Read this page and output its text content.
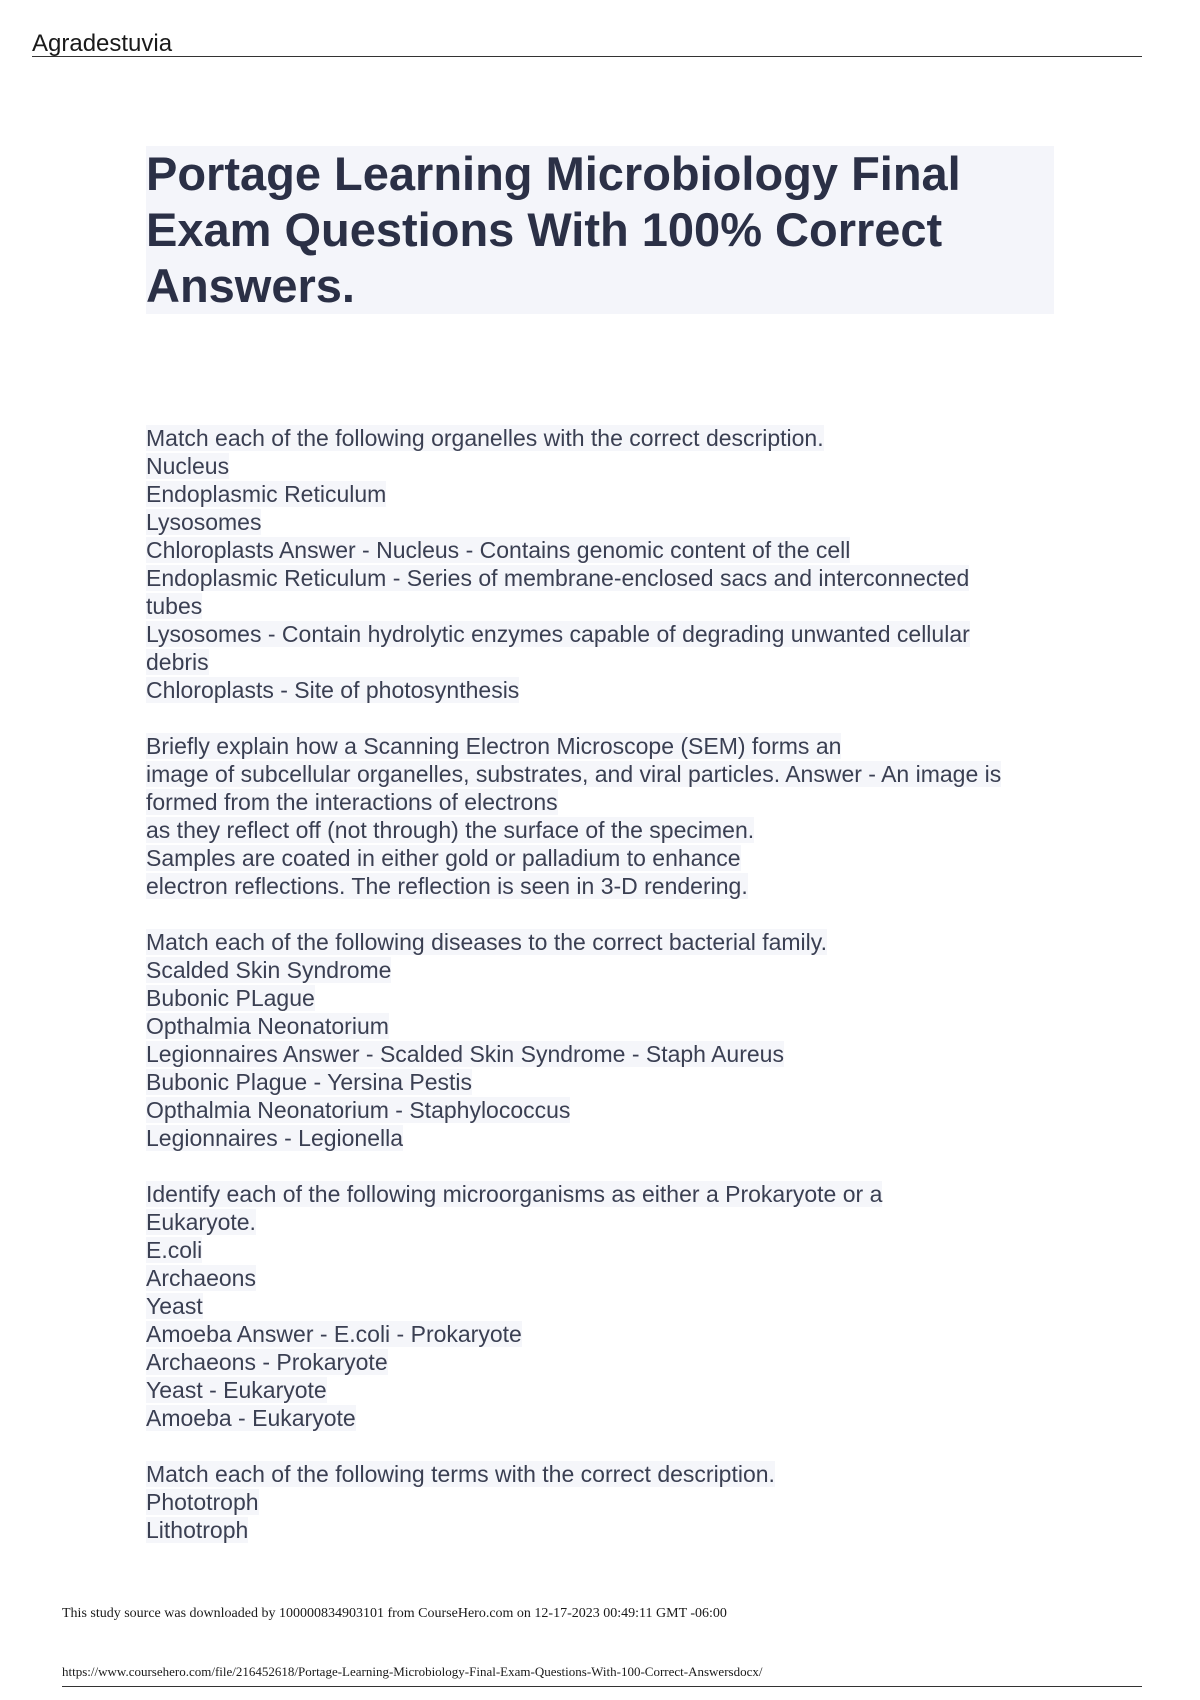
Agradestuvia
Portage Learning Microbiology Final Exam Questions With 100% Correct Answers.
Match each of the following organelles with the correct description.
Nucleus
Endoplasmic Reticulum
Lysosomes
Chloroplasts Answer - Nucleus - Contains genomic content of the cell
Endoplasmic Reticulum - Series of membrane-enclosed sacs and interconnected
tubes
Lysosomes - Contain hydrolytic enzymes capable of degrading unwanted cellular
debris
Chloroplasts - Site of photosynthesis
Briefly explain how a Scanning Electron Microscope (SEM) forms an
image of subcellular organelles, substrates, and viral particles. Answer - An image is
formed from the interactions of electrons
as they reflect off (not through) the surface of the specimen.
Samples are coated in either gold or palladium to enhance
electron reflections. The reflection is seen in 3-D rendering.
Match each of the following diseases to the correct bacterial family.
Scalded Skin Syndrome
Bubonic PLague
Opthalmia Neonatorium
Legionnaires Answer - Scalded Skin Syndrome - Staph Aureus
Bubonic Plague - Yersina Pestis
Opthalmia Neonatorium - Staphylococcus
Legionnaires - Legionella
Identify each of the following microorganisms as either a Prokaryote or a
Eukaryote.
E.coli
Archaeons
Yeast
Amoeba Answer - E.coli - Prokaryote
Archaeons - Prokaryote
Yeast - Eukaryote
Amoeba - Eukaryote
Match each of the following terms with the correct description.
Phototroph
Lithotroph
This study source was downloaded by 100000834903101 from CourseHero.com on 12-17-2023 00:49:11 GMT -06:00
https://www.coursehero.com/file/216452618/Portage-Learning-Microbiology-Final-Exam-Questions-With-100-Correct-Answersdocx/
